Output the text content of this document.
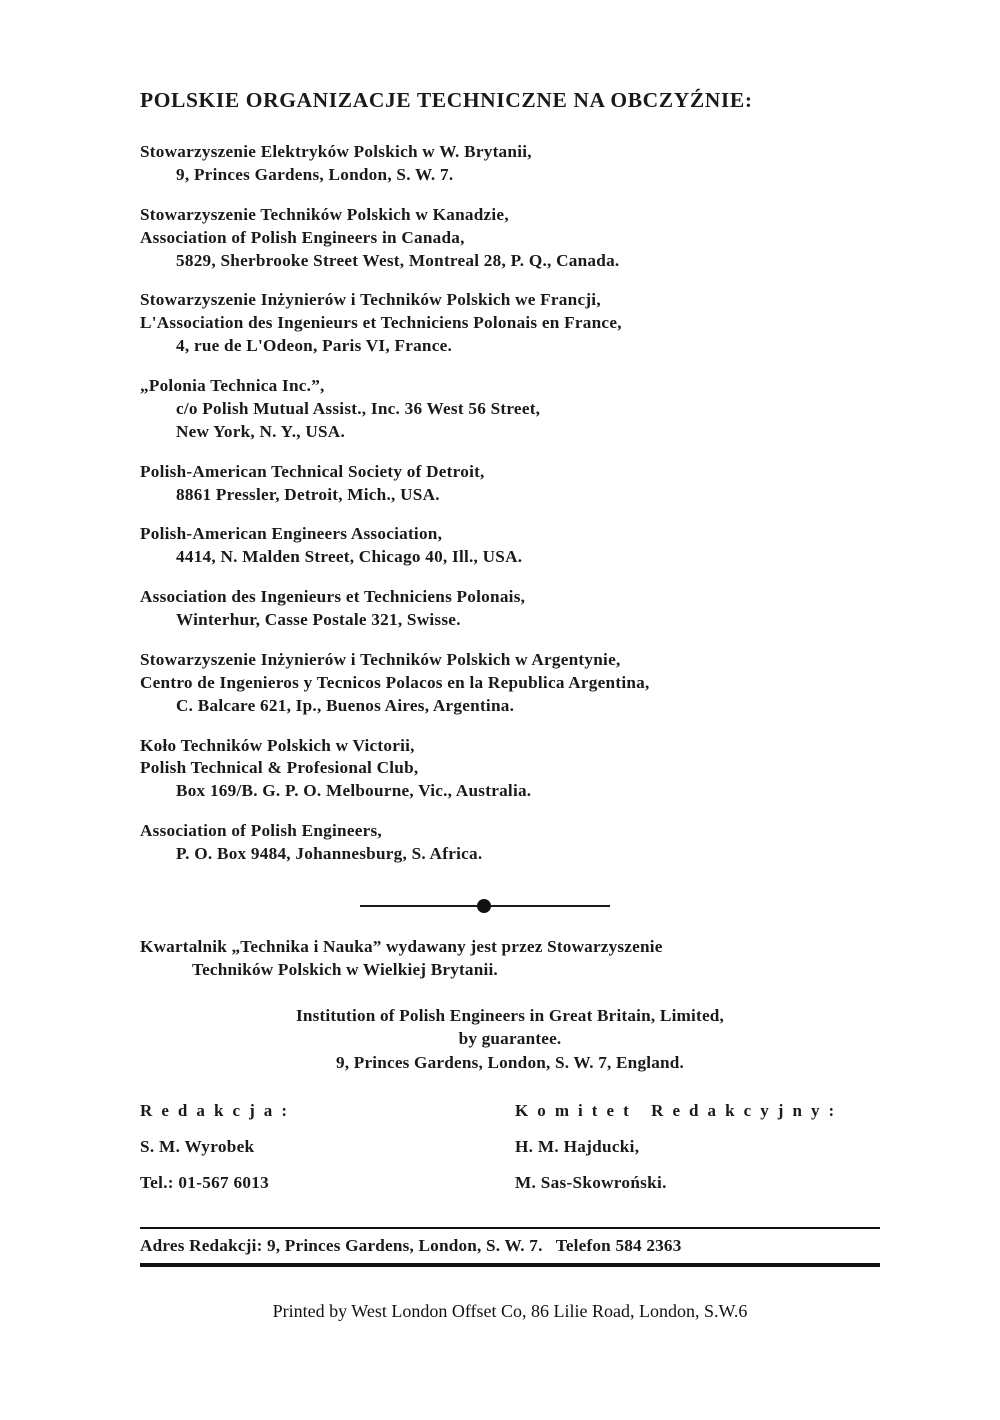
POLSKIE ORGANIZACJE TECHNICZNE NA OBCZYŹNIE:
Stowarzyszenie Elektryków Polskich w W. Brytanii,
9, Princes Gardens, London, S. W. 7.
Stowarzyszenie Techników Polskich w Kanadzie,
Association of Polish Engineers in Canada,
5829, Sherbrooke Street West, Montreal 28, P. Q., Canada.
Stowarzyszenie Inżynierów i Techników Polskich we Francji,
L'Association des Ingenieurs et Techniciens Polonais en France,
4, rue de L'Odeon, Paris VI, France.
„Polonia Technica Inc.”,
c/o Polish Mutual Assist., Inc. 36 West 56 Street,
New York, N. Y., USA.
Polish-American Technical Society of Detroit,
8861 Pressler, Detroit, Mich., USA.
Polish-American Engineers Association,
4414, N. Malden Street, Chicago 40, Ill., USA.
Association des Ingenieurs et Techniciens Polonais,
Winterhur, Casse Postale 321, Swisse.
Stowarzyszenie Inżynierów i Techników Polskich w Argentynie,
Centro de Ingenieros y Tecnicos Polacos en la Republica Argentina,
C. Balcare 621, Ip., Buenos Aires, Argentina.
Koło Techników Polskich w Victorii,
Polish Technical & Profesional Club,
Box 169/B. G. P. O. Melbourne, Vic., Australia.
Association of Polish Engineers,
P. O. Box 9484, Johannesburg, S. Africa.
Kwartalnik „Technika i Nauka” wydawany jest przez Stowarzyszenie
Techników Polskich w Wielkiej Brytanii.
Institution of Polish Engineers in Great Britain, Limited,
by guarantee.
9, Princes Gardens, London, S. W. 7, England.
R e d a k c j a :
S. M. Wyrobek
Tel.: 01-567 6013
K o m i t e t   R e d a k c y j n y :
H. M. Hajducki,
M. Sas-Skowroński.
Adres Redakcji: 9, Princes Gardens, London, S. W. 7.   Telefon 584 2363
Printed by West London Offset Co, 86 Lilie Road, London, S.W.6
